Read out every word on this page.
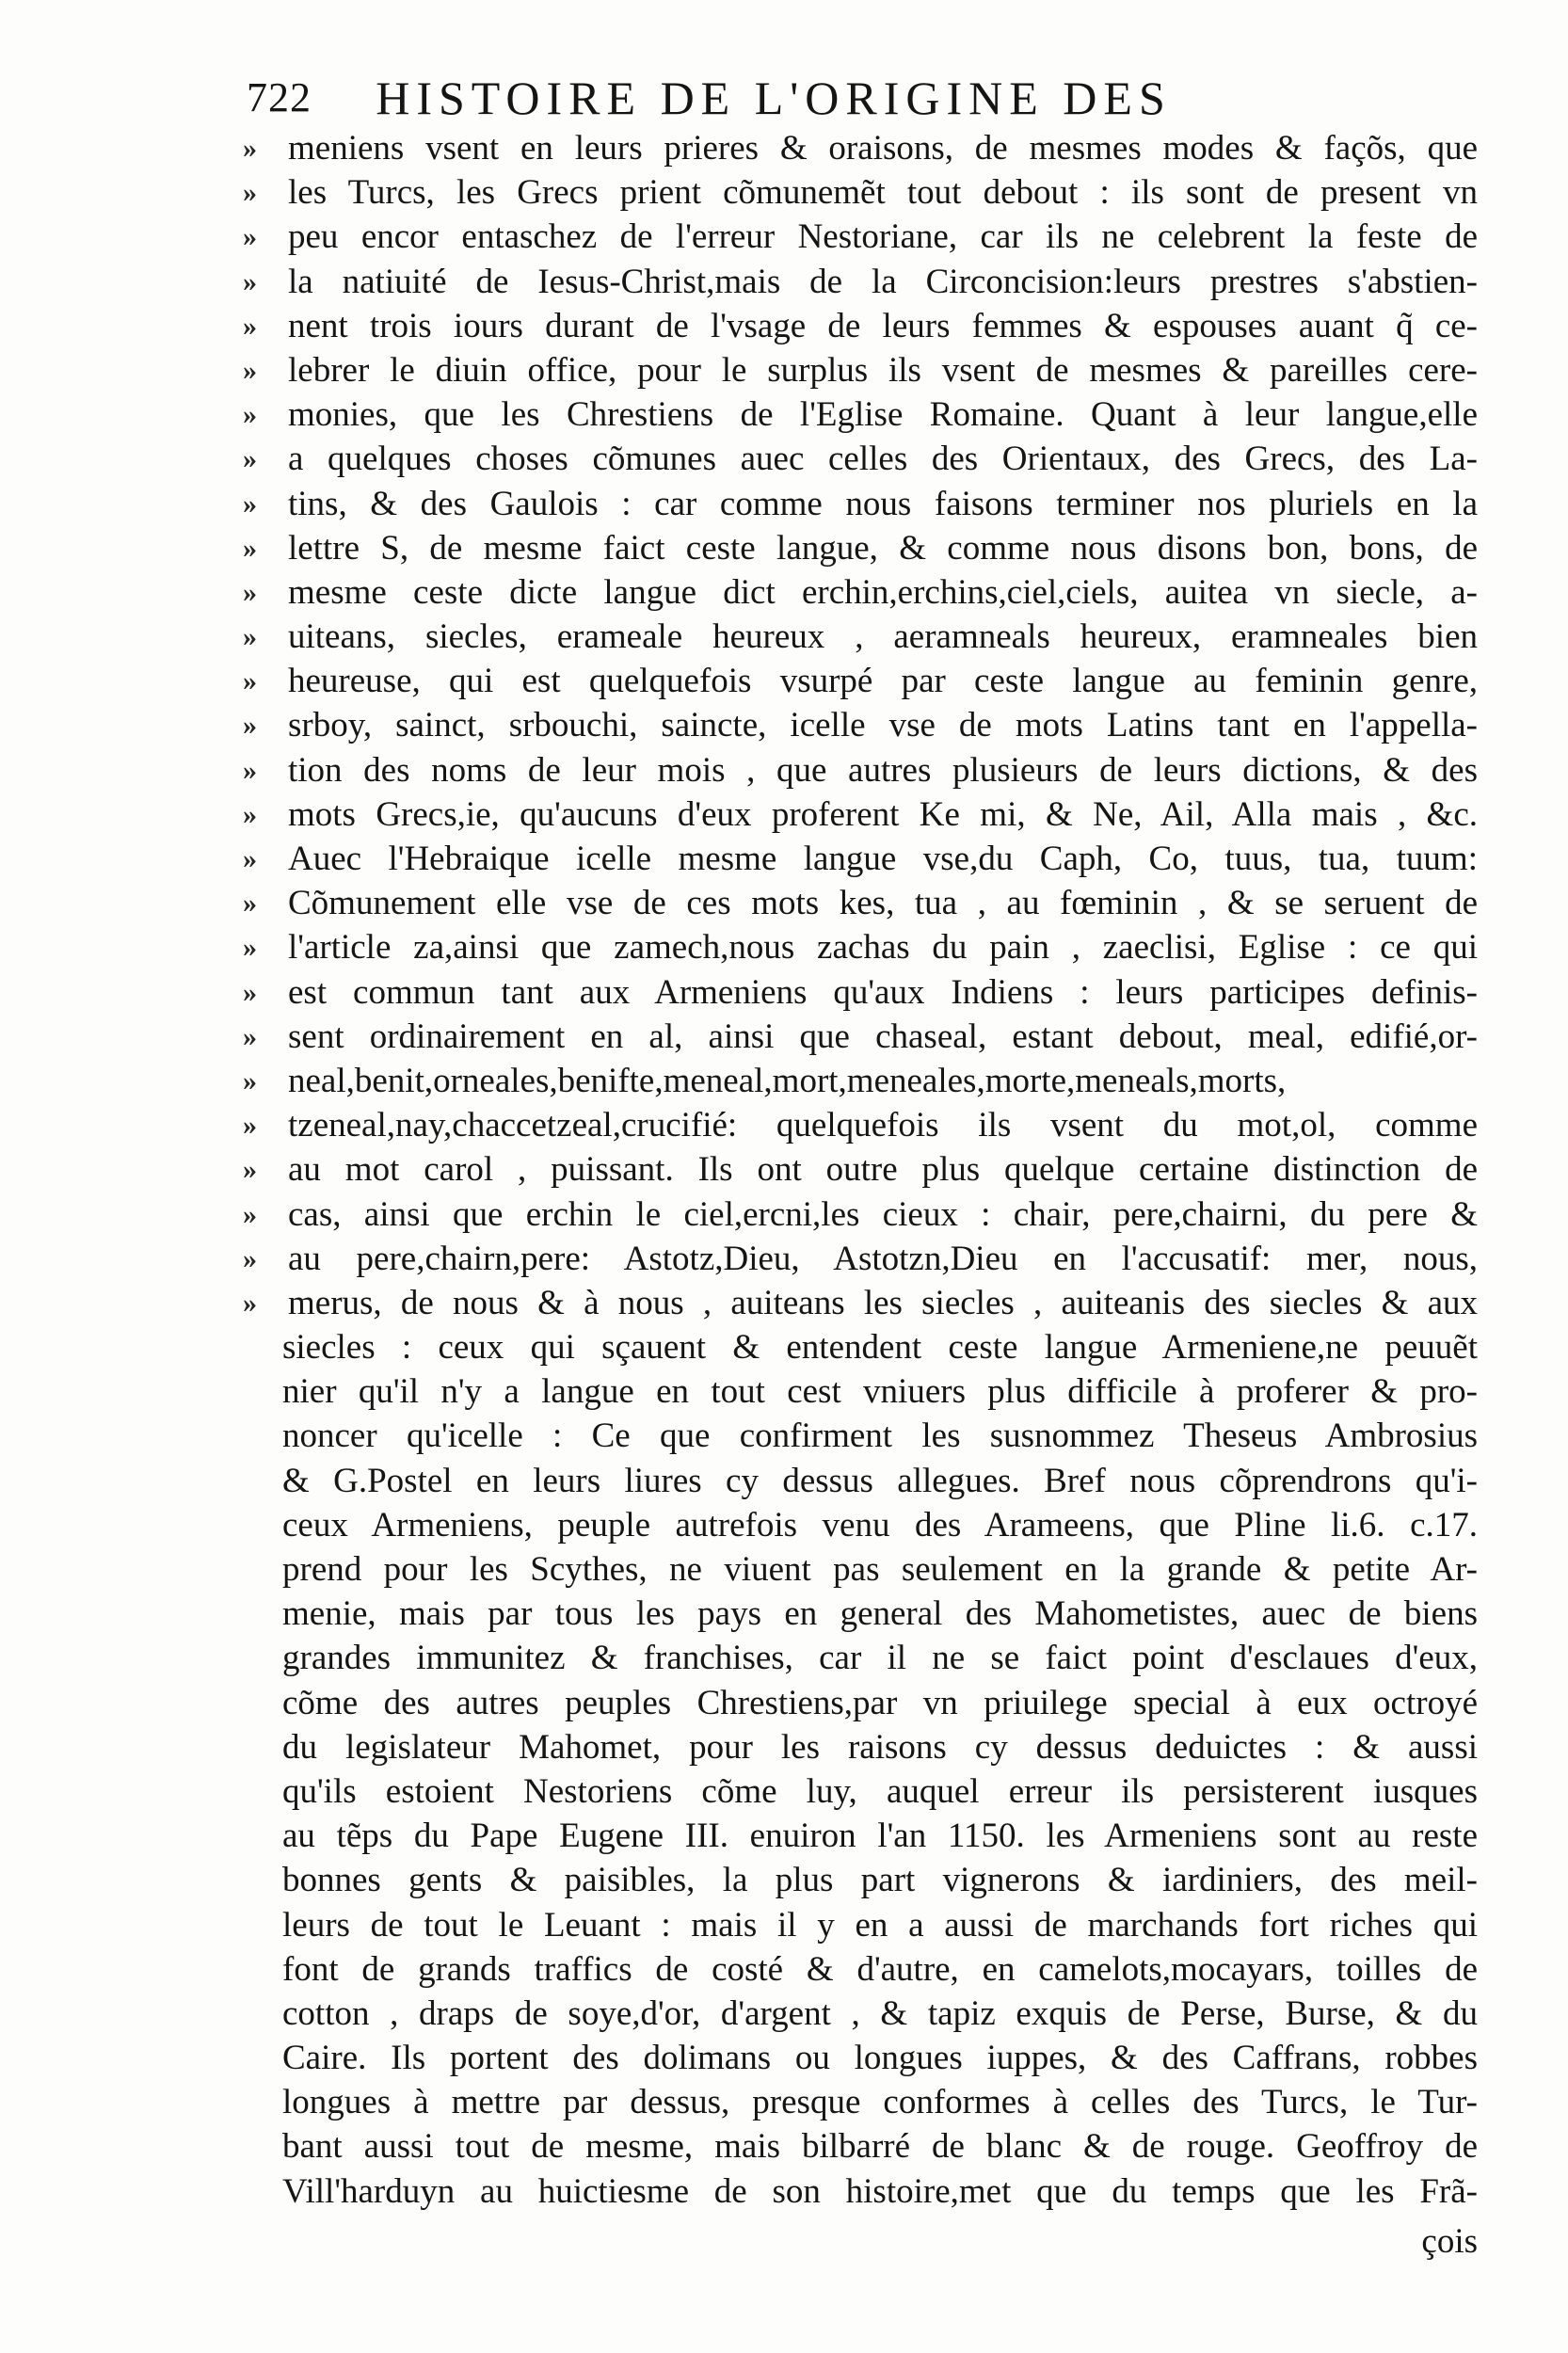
722	HISTOIRE DE L'ORIGINE DES
» meniens vsent en leurs prieres & oraisons, de mesmes modes & façõs, que
» les Turcs, les Grecs prient cõmunemẽt tout debout : ils sont de present vn
» peu encor entaschez de l'erreur Nestoriane, car ils ne celebrent la feste de
» la natiuité de Iesus-Christ,mais de la Circoncision:leurs prestres s'abstien-
» nent trois iours durant de l'vsage de leurs femmes & espouses auant q̃ ce-
» lebrer le diuin office, pour le surplus ils vsent de mesmes & pareilles cere-
» monies, que les Chrestiens de l'Eglise Romaine. Quant à leur langue,elle
» a quelques choses cõmunes auec celles des Orientaux, des Grecs, des La-
» tins, & des Gaulois : car comme nous faisons terminer nos pluriels en la
» lettre S, de mesme faict ceste langue, & comme nous disons bon, bons, de
» mesme ceste dicte langue dict erchin,erchins,ciel,ciels, auitea vn siecle, a-
» uiteans, siecles, erameale heureux , aeramneals heureux, eramneales bien
» heureuse, qui est quelquefois vsurpé par ceste langue au feminin genre,
» srboy, sainct, srbouchi, saincte, icelle vse de mots Latins tant en l'appella-
» tion des noms de leur mois , que autres plusieurs de leurs dictions, & des
» mots Grecs,ie, qu'aucuns d'eux proferent Ke mi, & Ne, Ail, Alla mais , &c.
» Auec l'Hebraique icelle mesme langue vse,du Caph, Co, tuus, tua, tuum:
» Cõmunement elle vse de ces mots kes, tua , au fœminin , & se seruent de
» l'article za,ainsi que zamech,nous zachas du pain , zaeclisi, Eglise : ce qui
» est commun tant aux Armeniens qu'aux Indiens : leurs participes definis-
» sent ordinairement en al, ainsi que chaseal, estant debout, meal, edifié,or-
» neal,benit,orneales,benifte,meneal,mort,meneales,morte,meneals,morts,
» tzeneal,nay,chaccetzeal,crucifié: quelquefois ils vsent du mot,ol, comme
» au mot carol , puissant. Ils ont outre plus quelque certaine distinction de
» cas, ainsi que erchin le ciel,ercni,les cieux : chair, pere,chairni, du pere &
» au pere,chairn,pere: Astotz,Dieu, Astotzn,Dieu en l'accusatif: mer, nous,
» merus, de nous & à nous , auiteans les siecles , auiteanis des siecles & aux
siecles : ceux qui sçauent & entendent ceste langue Armeniene,ne peuuẽt
nier qu'il n'y a langue en tout cest vniuers plus difficile à proferer & pro-
noncer qu'icelle : Ce que confirment les susnommez Theseus Ambrosius
& G.Postel en leurs liures cy dessus allegues. Bref nous cõprendrons qu'i-
ceux Armeniens, peuple autrefois venu des Arameens, que Pline li.6. c.17.
prend pour les Scythes, ne viuent pas seulement en la grande & petite Ar-
menie, mais par tous les pays en general des Mahometistes, auec de biens
grandes immunitez & franchises, car il ne se faict point d'esclaues d'eux,
cõme des autres peuples Chrestiens,par vn priuilege special à eux octroyé
du legislateur Mahomet, pour les raisons cy dessus deduictes : & aussi
qu'ils estoient Nestoriens cõme luy, auquel erreur ils persisterent iusques
au tẽps du Pape Eugene III. enuiron l'an 1150. les Armeniens sont au reste
bonnes gents & paisibles, la plus part vignerons & iardiniers, des meil-
leurs de tout le Leuant : mais il y en a aussi de marchands fort riches qui
font de grands traffics de costé & d'autre, en camelots,mocayars, toilles de
cotton , draps de soye,d'or, d'argent , & tapiz exquis de Perse, Burse, & du
Caire. Ils portent des dolimans ou longues iuppes, & des Caffrans, robbes
longues à mettre par dessus, presque conformes à celles des Turcs, le Tur-
bant aussi tout de mesme, mais bilbarré de blanc & de rouge. Geoffroy de
Vill'harduyn au huictiesme de son histoire,met que du temps que les Frã-
çois
